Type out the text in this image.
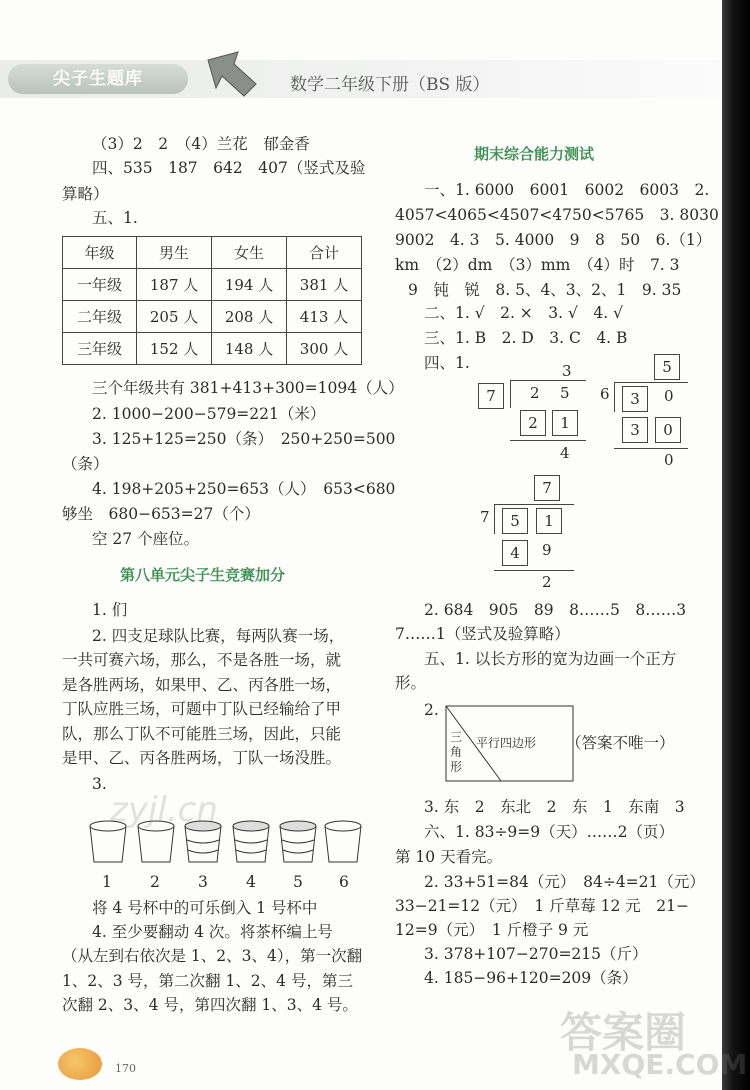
尖子生题库	数学二年级下册（BS 版）
（3）2　2　（4）兰花　郁金香
四、535　187　642　407（竖式及验
算略）
五、1.
年级	男生	女生	合计
一年级	187 人	194 人	381 人
二年级	205 人	208 人	413 人
三年级	152 人	148 人	300 人
三个年级共有 381+413+300=1094（人）
2. 1000−200−579=221（米）
3. 125+125=250（条）　250+250=500
（条）
4. 198+205+250=653（人）　653<680
够坐　680−653=27（个）
空 27 个座位。
第八单元尖子生竞赛加分
1. 们
2. 四支足球队比赛，每两队赛一场，
一共可赛六场，那么，不是各胜一场，就
是各胜两场，如果甲、乙、丙各胜一场，
丁队应胜三场，可题中丁队已经输给了甲
队，那么丁队不可能胜三场，因此，只能
是甲、乙、丙各胜两场，丁队一场没胜。
3.
1 2 3 4 5 6
将 4 号杯中的可乐倒入 1 号杯中
4. 至少要翻动 4 次。将茶杯编上号
（从左到右依次是 1、2、3、4），第一次翻
1、2、3 号，第二次翻 1、2、4 号，第三
次翻 2、3、4 号，第四次翻 1、3、4 号。
期末综合能力测试
一、1. 6000　6001　6002　6003　2.
4057<4065<4507<4750<5765　3. 8030
9002　4. 3　5. 4000　9　8　50　6.（1）
km　（2）dm　（3）mm　（4）时　7. 3
9　钝　锐　8. 5、4、3、2、1　9. 35
二、1. √　2. ×　3. √　4. √
三、1. B　2. D　3. C　4. B
四、1.	3
7	2 5
2	1
4
5
6	3	0
3	0
0
7
7	5	1
4	9
2
2. 684　905　89　8……5　8……3
7……1（竖式及验算略）
五、1. 以长方形的宽为边画一个正方
形。
2.
三
角
形
平行四边形 （答案不唯一）
3. 东　2　东北　2　东　1　东南　3
六、1. 83÷9=9（天）……2（页）
第 10 天看完。
2. 33+51=84（元）　84÷4=21（元）
33−21=12（元）　1 斤草莓 12 元　21−
12=9（元）　1 斤橙子 9 元
3. 378+107−270=215（斤）
4. 185−96+120=209（条）
zyjl.cn
答案圈
MXQE.COM
170
